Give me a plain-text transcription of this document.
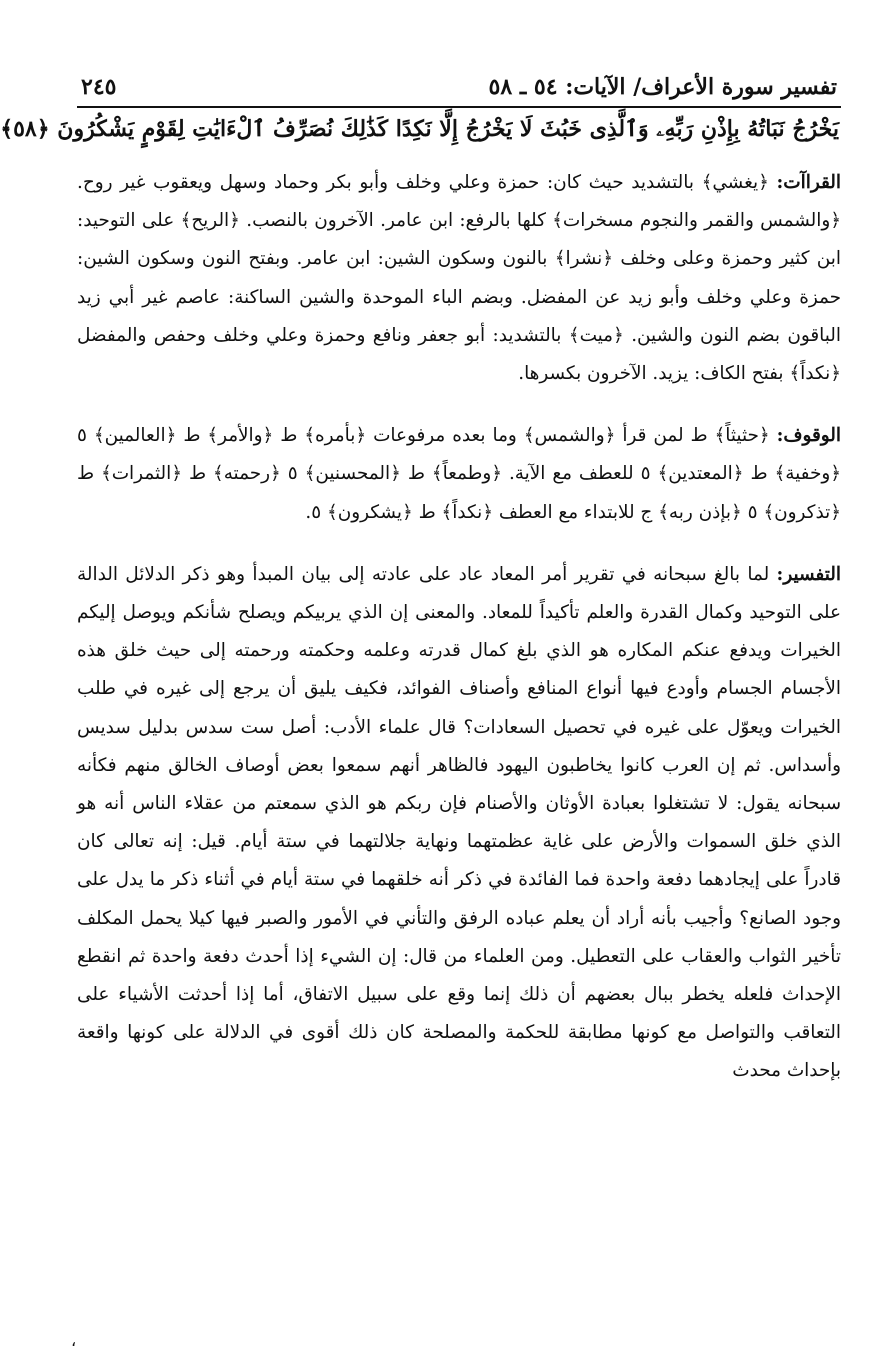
تفسير سورة الأعراف/ الآيات: ٥٤ ـ ٥٨
٢٤٥
يَخْرُجُ نَبَاتُهُ بِإِذْنِ رَبِّهِۦ وَٱلَّذِى خَبُثَ لَا يَخْرُجُ إِلَّا نَكِدًا كَذَٰلِكَ نُصَرِّفُ ٱلْءَايَٰتِ لِقَوْمٍ يَشْكُرُونَ ﴿٥٨﴾

القراآت: ﴿يغشي﴾ بالتشديد حيث كان: حمزة وعلي وخلف وأبو بكر وحماد وسهل ويعقوب غير روح. ﴿والشمس والقمر والنجوم مسخرات﴾ كلها بالرفع: ابن عامر. الآخرون بالنصب. ﴿الريح﴾ على التوحيد: ابن كثير وحمزة وعلى وخلف ﴿نشرا﴾ بالنون وسكون الشين: ابن عامر. وبفتح النون وسكون الشين: حمزة وعلي وخلف وأبو زيد عن المفضل. وبضم الباء الموحدة والشين الساكنة: عاصم غير أبي زيد الباقون بضم النون والشين. ﴿ميت﴾ بالتشديد: أبو جعفر ونافع وحمزة وعلي وخلف وحفص والمفضل ﴿نكداً﴾ بفتح الكاف: يزيد. الآخرون بكسرها.

الوقوف: ﴿حثيثاً﴾ ط لمن قرأ ﴿والشمس﴾ وما بعده مرفوعات ﴿بأمره﴾ ط ﴿والأمر﴾ ط ﴿العالمين﴾ ٥ ﴿وخفية﴾ ط ﴿المعتدين﴾ ٥ للعطف مع الآية. ﴿وطمعاً﴾ ط ﴿المحسنين﴾ ٥ ﴿رحمته﴾ ط ﴿الثمرات﴾ ط ﴿تذكرون﴾ ٥ ﴿بإذن ربه﴾ ج للابتداء مع العطف ﴿نكداً﴾ ط ﴿يشكرون﴾ ٥.

التفسير: لما بالغ سبحانه في تقرير أمر المعاد عاد على عادته إلى بيان المبدأ وهو ذكر الدلائل الدالة على التوحيد وكمال القدرة والعلم تأكيداً للمعاد. والمعنى إن الذي يربيكم ويصلح شأنكم ويوصل إليكم الخيرات ويدفع عنكم المكاره هو الذي بلغ كمال قدرته وعلمه وحكمته ورحمته إلى حيث خلق هذه الأجسام الجسام وأودع فيها أنواع المنافع وأصناف الفوائد، فكيف يليق أن يرجع إلى غيره في طلب الخيرات ويعوّل على غيره في تحصيل السعادات؟ قال علماء الأدب: أصل ست سدس بدليل سديس وأسداس. ثم إن العرب كانوا يخاطبون اليهود فالظاهر أنهم سمعوا بعض أوصاف الخالق منهم فكأنه سبحانه يقول: لا تشتغلوا بعبادة الأوثان والأصنام فإن ربكم هو الذي سمعتم من عقلاء الناس أنه هو الذي خلق السموات والأرض على غاية عظمتهما ونهاية جلالتهما في ستة أيام. قيل: إنه تعالى كان قادراً على إيجادهما دفعة واحدة فما الفائدة في ذكر أنه خلقهما في ستة أيام في أثناء ذكر ما يدل على وجود الصانع؟ وأجيب بأنه أراد أن يعلم عباده الرفق والتأني في الأمور والصبر فيها كيلا يحمل المكلف تأخير الثواب والعقاب على التعطيل. ومن العلماء من قال: إن الشيء إذا أحدث دفعة واحدة ثم انقطع الإحداث فلعله يخطر ببال بعضهم أن ذلك إنما وقع على سبيل الاتفاق، أما إذا أحدثت الأشياء على التعاقب والتواصل مع كونها مطابقة للحكمة والمصلحة كان ذلك أقوى في الدلالة على كونها واقعة بإحداث محدث

،
